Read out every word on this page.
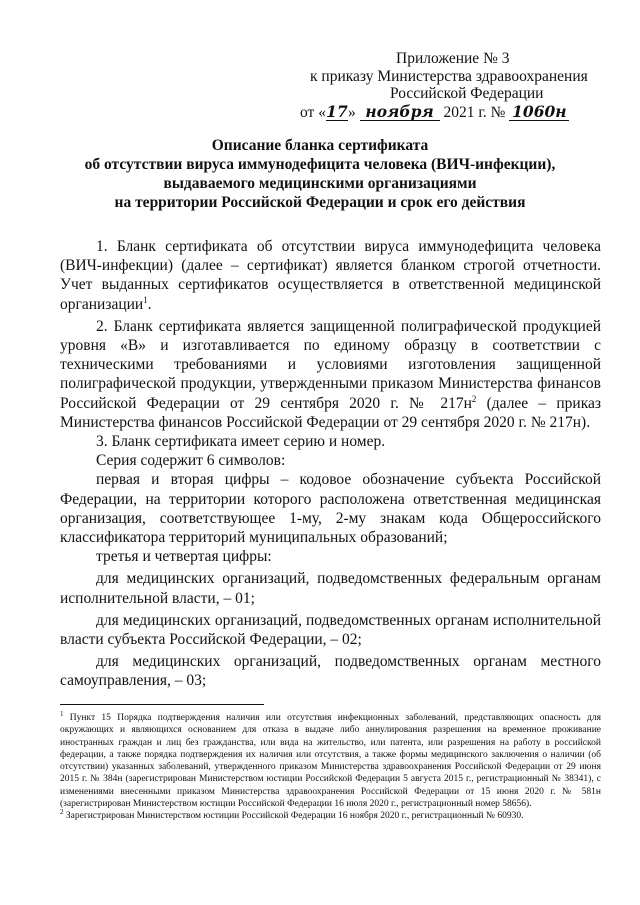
Приложение № 3
к приказу Министерства здравоохранения
Российской Федерации
от «17» ноября 2021 г. № 1060н
Описание бланка сертификата
об отсутствии вируса иммунодефицита человека (ВИЧ-инфекции),
выдаваемого медицинскими организациями
на территории Российской Федерации и срок его действия

1. Бланк сертификата об отсутствии вируса иммунодефицита человека (ВИЧ-инфекции) (далее – сертификат) является бланком строгой отчетности. Учет выданных сертификатов осуществляется в ответственной медицинской организации$^1$.

2. Бланк сертификата является защищенной полиграфической продукцией уровня «В» и изготавливается по единому образцу в соответствии с техническими требованиями и условиями изготовления защищенной полиграфической продукции, утвержденными приказом Министерства финансов Российской Федерации от 29 сентября 2020 г. № $217н^2$ (далее – приказ Министерства финансов Российской Федерации от 29 сентября 2020 г. № 217н).

3. Бланк сертификата имеет серию и номер.

Серия содержит 6 символов:

первая и вторая цифры – кодовое обозначение субъекта Российской Федерации, на территории которого расположена ответственная медицинская организация, соответствующее 1-му, 2-му знакам кода Общероссийского классификатора территорий муниципальных образований;

третья и четвертая цифры:

для медицинских организаций, подведомственных федеральным органам исполнительной власти, – 01;

для медицинских организаций, подведомственных органам исполнительной власти субъекта Российской Федерации, – 02;

для медицинских организаций, подведомственных органам местного самоуправления, – 03;

$^1$ Пункт 15 Порядка подтверждения наличия или отсутствия инфекционных заболеваний, представляющих опасность для окружающих и являющихся основанием для отказа в выдаче либо аннулирования разрешения на временное проживание иностранных граждан и лиц без гражданства, или вида на жительство, или патента, или разрешения на работу в российской федерации, а также порядка подтверждения их наличия или отсутствия, а также формы медицинского заключения о наличии (об отсутствии) указанных заболеваний, утвержденного приказом Министерства здравоохранения Российской Федерации от 29 июня 2015 г. № 384н (зарегистрирован Министерством юстиции Российской Федерации 5 августа 2015 г., регистрационный № 38341), с изменениями внесенными приказом Министерства здравоохранения Российской Федерации от 15 июня 2020 г. № 581н (зарегистрирован Министерством юстиции Российской Федерации 16 июля 2020 г., регистрационный номер 58656).

$^2$ Зарегистрирован Министерством юстиции Российской Федерации 16 ноября 2020 г., регистрационный № 60930.
